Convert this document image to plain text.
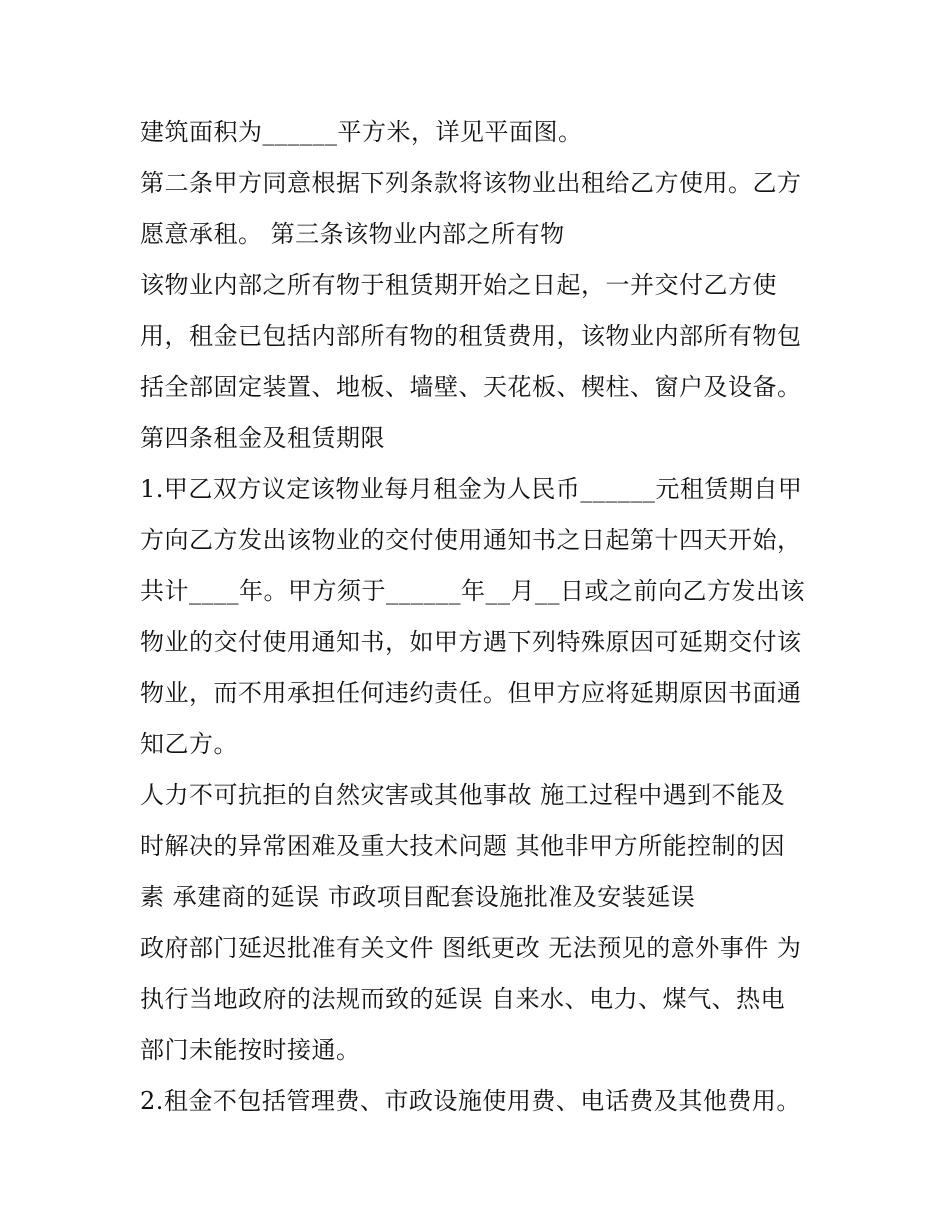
建筑面积为______平方米，详见平面图。
第二条甲方同意根据下列条款将该物业出租给乙方使用。乙方
愿意承租。 第三条该物业内部之所有物
该物业内部之所有物于租赁期开始之日起，一并交付乙方使
用，租金已包括内部所有物的租赁费用，该物业内部所有物包
括全部固定装置、地板、墙壁、天花板、楔柱、窗户及设备。
第四条租金及租赁期限
1.甲乙双方议定该物业每月租金为人民币______元租赁期自甲
方向乙方发出该物业的交付使用通知书之日起第十四天开始，
共计____年。甲方须于______年__月__日或之前向乙方发出该
物业的交付使用通知书，如甲方遇下列特殊原因可延期交付该
物业，而不用承担任何违约责任。但甲方应将延期原因书面通
知乙方。
人力不可抗拒的自然灾害或其他事故 施工过程中遇到不能及
时解决的异常困难及重大技术问题 其他非甲方所能控制的因
素 承建商的延误 市政项目配套设施批准及安装延误
政府部门延迟批准有关文件 图纸更改 无法预见的意外事件 为
执行当地政府的法规而致的延误 自来水、电力、煤气、热电
部门未能按时接通。
2.租金不包括管理费、市政设施使用费、电话费及其他费用。
